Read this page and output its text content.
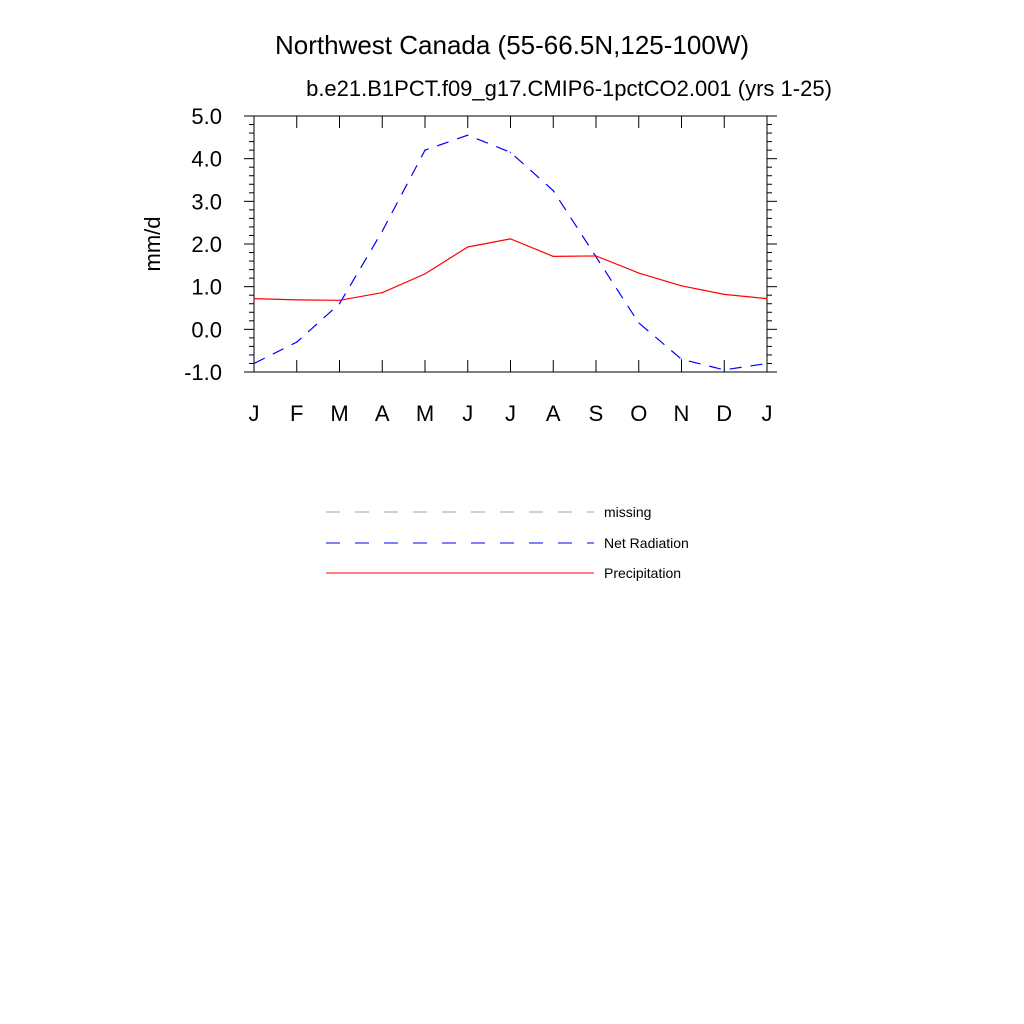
Northwest Canada (55-66.5N,125-100W)
b.e21.B1PCT.f09_g17.CMIP6-1pctCO2.001 (yrs 1-25)
mm/d
-1.0
0.0
1.0
2.0
3.0
4.0
5.0
J F M A M J J A S O N D J
missing
Net Radiation
Precipitation
